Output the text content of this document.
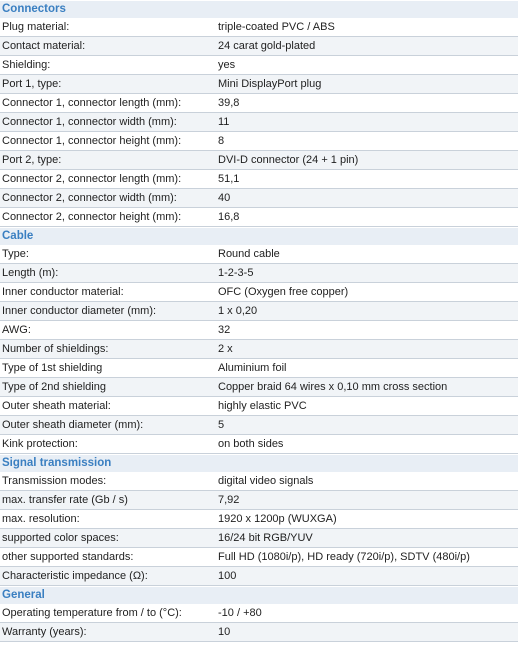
Connectors
Plug material:	triple-coated PVC / ABS
Contact material:	24 carat gold-plated
Shielding:	yes
Port 1, type:	Mini DisplayPort plug
Connector 1, connector length (mm):	39,8
Connector 1, connector width (mm):	11
Connector 1, connector height (mm):	8
Port 2, type:	DVI-D connector (24 + 1 pin)
Connector 2, connector length (mm):	51,1
Connector 2, connector width (mm):	40
Connector 2, connector height (mm):	16,8
Cable
Type:	Round cable
Length (m):	1-2-3-5
Inner conductor material:	OFC (Oxygen free copper)
Inner conductor diameter (mm):	1 x 0,20
AWG:	32
Number of shieldings:	2 x
Type of 1st shielding	Aluminium foil
Type of 2nd shielding	Copper braid 64 wires x 0,10 mm cross section
Outer sheath material:	highly elastic PVC
Outer sheath diameter (mm):	5
Kink protection:	on both sides
Signal transmission
Transmission modes:	digital video signals
max. transfer rate (Gb / s)	7,92
max. resolution:	1920 x 1200p (WUXGA)
supported color spaces:	16/24 bit RGB/YUV
other supported standards:	Full HD (1080i/p), HD ready (720i/p), SDTV (480i/p)
Characteristic impedance (Ω):	100
General
Operating temperature from / to (°C):	-10 / +80
Warranty (years):	10
